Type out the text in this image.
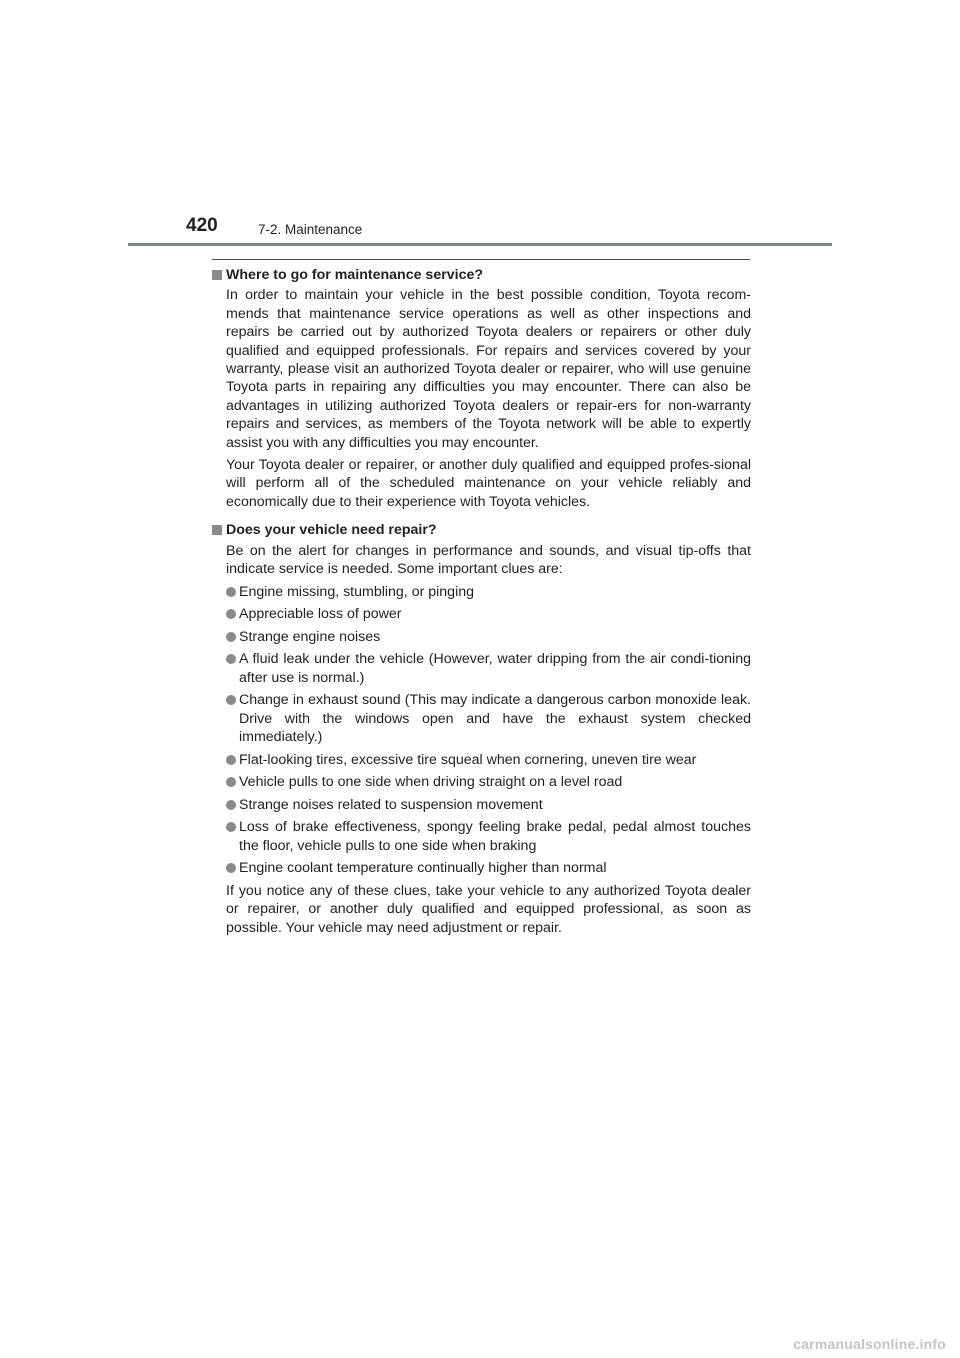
420	7-2. Maintenance
Where to go for maintenance service?

In order to maintain your vehicle in the best possible condition, Toyota recom-mends that maintenance service operations as well as other inspections and repairs be carried out by authorized Toyota dealers or repairers or other duly qualified and equipped professionals. For repairs and services covered by your warranty, please visit an authorized Toyota dealer or repairer, who will use genuine Toyota parts in repairing any difficulties you may encounter. There can also be advantages in utilizing authorized Toyota dealers or repair-ers for non-warranty repairs and services, as members of the Toyota network will be able to expertly assist you with any difficulties you may encounter.

Your Toyota dealer or repairer, or another duly qualified and equipped profes-sional will perform all of the scheduled maintenance on your vehicle reliably and economically due to their experience with Toyota vehicles.

Does your vehicle need repair?

Be on the alert for changes in performance and sounds, and visual tip-offs that indicate service is needed. Some important clues are:

Engine missing, stumbling, or pinging
Appreciable loss of power
Strange engine noises
A fluid leak under the vehicle (However, water dripping from the air condi-tioning after use is normal.)
Change in exhaust sound (This may indicate a dangerous carbon monoxide leak. Drive with the windows open and have the exhaust system checked immediately.)
Flat-looking tires, excessive tire squeal when cornering, uneven tire wear
Vehicle pulls to one side when driving straight on a level road
Strange noises related to suspension movement
Loss of brake effectiveness, spongy feeling brake pedal, pedal almost touches the floor, vehicle pulls to one side when braking
Engine coolant temperature continually higher than normal

If you notice any of these clues, take your vehicle to any authorized Toyota dealer or repairer, or another duly qualified and equipped professional, as soon as possible. Your vehicle may need adjustment or repair.

carmanualsonline.info
